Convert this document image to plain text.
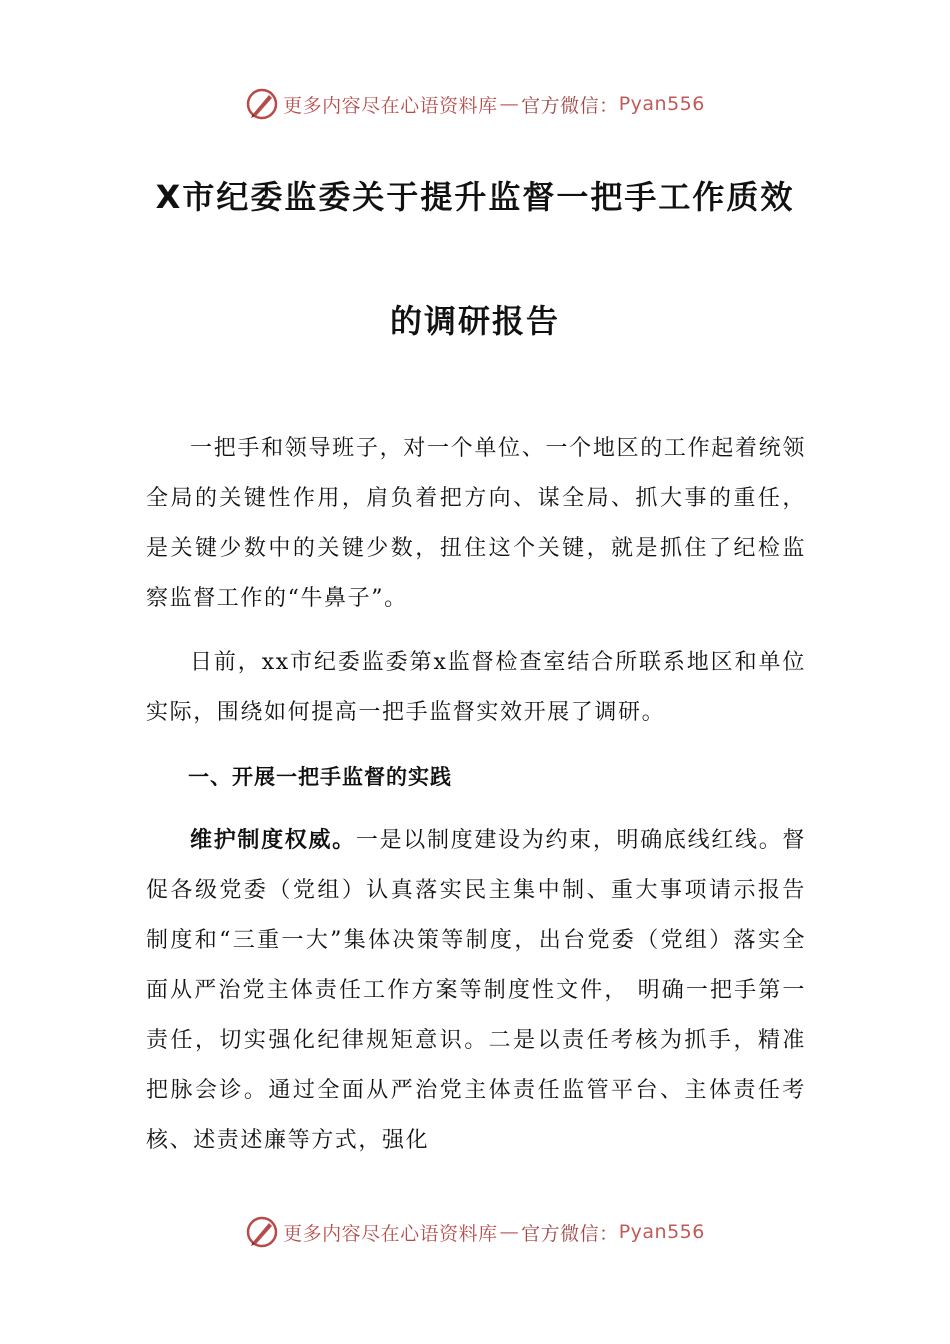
更多内容尽在心语资料库 — 官方微信： Pyan556
X市纪委监委关于提升监督一把手工作质效
的调研报告

一把手和领导班子，对一个单位、一个地区的工作起着统领全局的关键性作用，肩负着把方向、谋全局、抓大事的重任，是关键少数中的关键少数，扭住这个关键，就是抓住了纪检监察监督工作的“牛鼻子”。

日前，xx市纪委监委第x监督检查室结合所联系地区和单位实际，围绕如何提高一把手监督实效开展了调研。

一、开展一把手监督的实践

维护制度权威。一是以制度建设为约束，明确底线红线。督促各级党委（党组）认真落实民主集中制、重大事项请示报告制度和“三重一大”集体决策等制度，出台党委（党组）落实全面从严治党主体责任工作方案等制度性文件， 明确一把手第一责任，切实强化纪律规矩意识。二是以责任考核为抓手，精准把脉会诊。通过全面从严治党主体责任监管平台、主体责任考核、述责述廉等方式，强化

更多内容尽在心语资料库 — 官方微信： Pyan556
